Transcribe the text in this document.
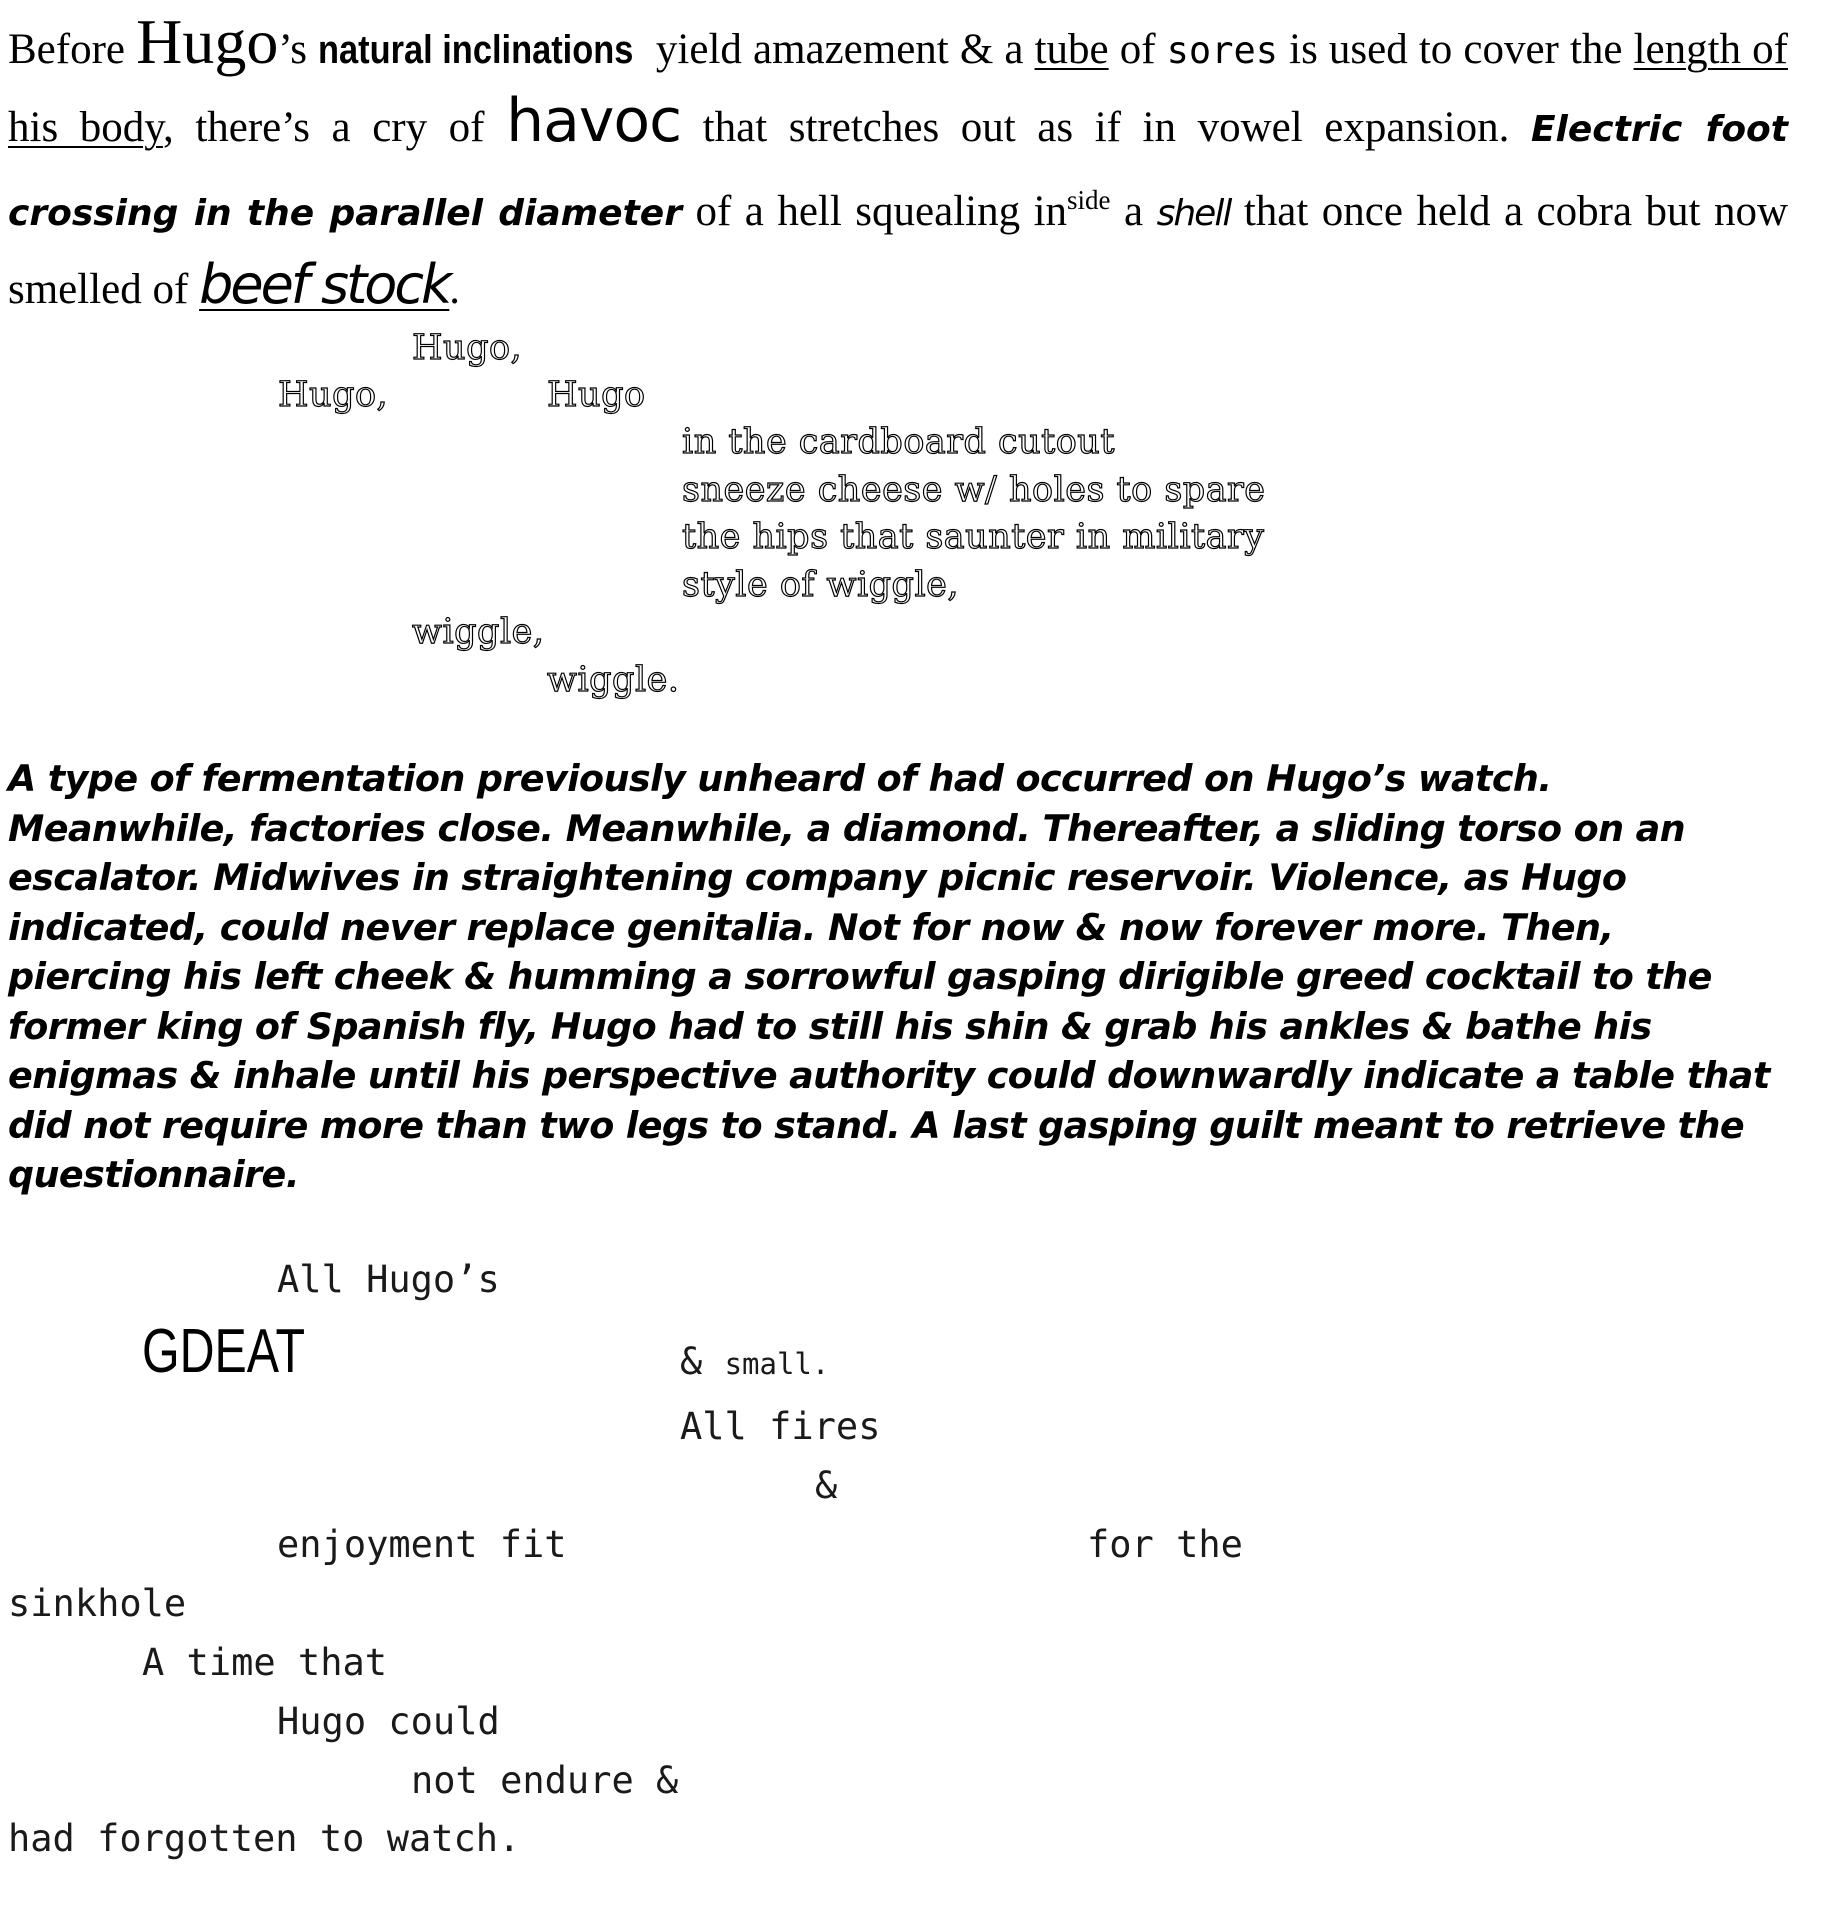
Before Hugo’s natural inclinations yield amazement & a tube of sores is used to cover the length of his body, there’s a cry of havoc that stretches out as if in vowel expansion. Electric foot crossing in the parallel diameter of a hell squealing $in^{side}$ a shell that once held a cobra but now smelled of beef stock.

Hugo,
Hugo,	Hugo
in the cardboard cutout
sneeze cheese w/ holes to spare
the hips that saunter in military
style of wiggle,
wiggle,
wiggle.

A type of fermentation previously unheard of had occurred on Hugo’s watch. Meanwhile, factories close. Meanwhile, a diamond. Thereafter, a sliding torso on an escalator. Midwives in straightening company picnic reservoir. Violence, as Hugo indicated, could never replace genitalia. Not for now & now forever more. Then, piercing his left cheek & humming a sorrowful gasping dirigible greed cocktail to the former king of Spanish fly, Hugo had to still his shin & grab his ankles & bathe his enigmas & inhale until his perspective authority could downwardly indicate a table that did not require more than two legs to stand. A last gasping guilt meant to retrieve the questionnaire.

All Hugo’s
GDEAT	& small.
All fires
&
enjoyment fit	for the
sinkhole
A time that
Hugo could
not endure &
had forgotten to watch.
